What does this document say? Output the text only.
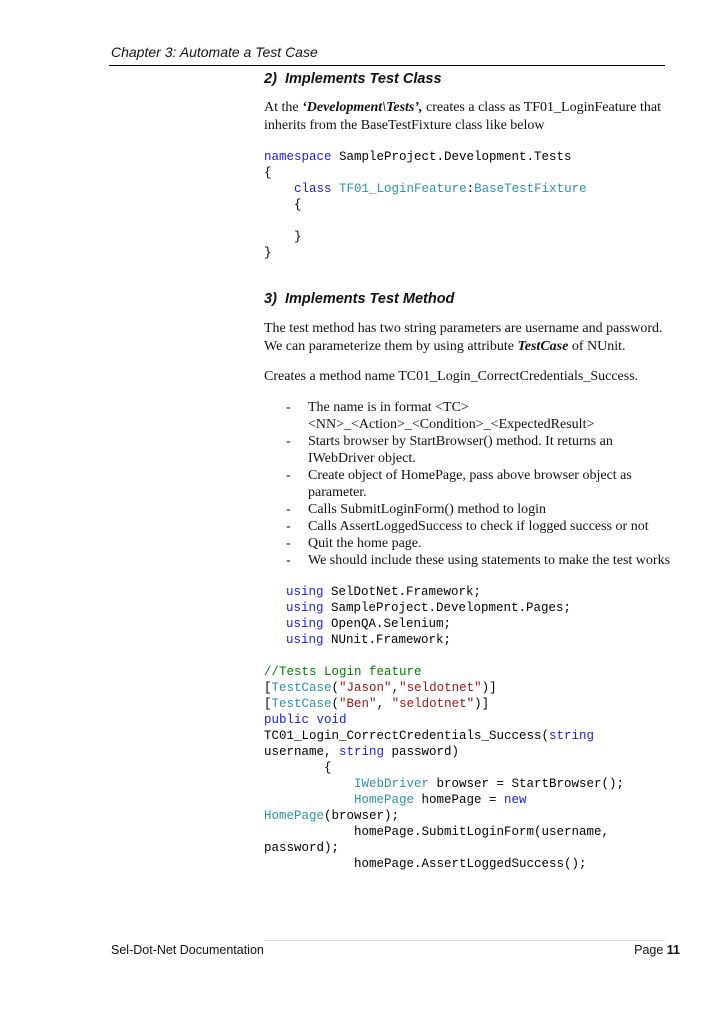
Chapter 3: Automate a Test Case
2)  Implements Test Class

At the ‘Development\Tests’, creates a class as TF01_LoginFeature that inherits from the BaseTestFixture class like below

namespace SampleProject.Development.Tests
{
class TF01_LoginFeature:BaseTestFixture
{

}
}
3)  Implements Test Method

The test method has two string parameters are username and password. We can parameterize them by using attribute TestCase of NUnit.

Creates a method name TC01_Login_CorrectCredentials_Success.

- The name is in format <TC><NN>_<Action>_<Condition>_<ExpectedResult>
- Starts browser by StartBrowser() method. It returns an IWebDriver object.
- Create object of HomePage, pass above browser object as parameter.
- Calls SubmitLoginForm() method to login
- Calls AssertLoggedSuccess to check if logged success or not
- Quit the home page.
- We should include these using statements to make the test works
using SelDotNet.Framework;
using SampleProject.Development.Pages;
using OpenQA.Selenium;
using NUnit.Framework;
//Tests Login feature
[TestCase("Jason","seldotnet")]
[TestCase("Ben", "seldotnet")]
public void
TC01_Login_CorrectCredentials_Success(string
username, string password)
{
IWebDriver browser = StartBrowser();
HomePage homePage = new
HomePage(browser);
homePage.SubmitLoginForm(username,
password);
homePage.AssertLoggedSuccess();
Sel-Dot-Net Documentation	Page 11
